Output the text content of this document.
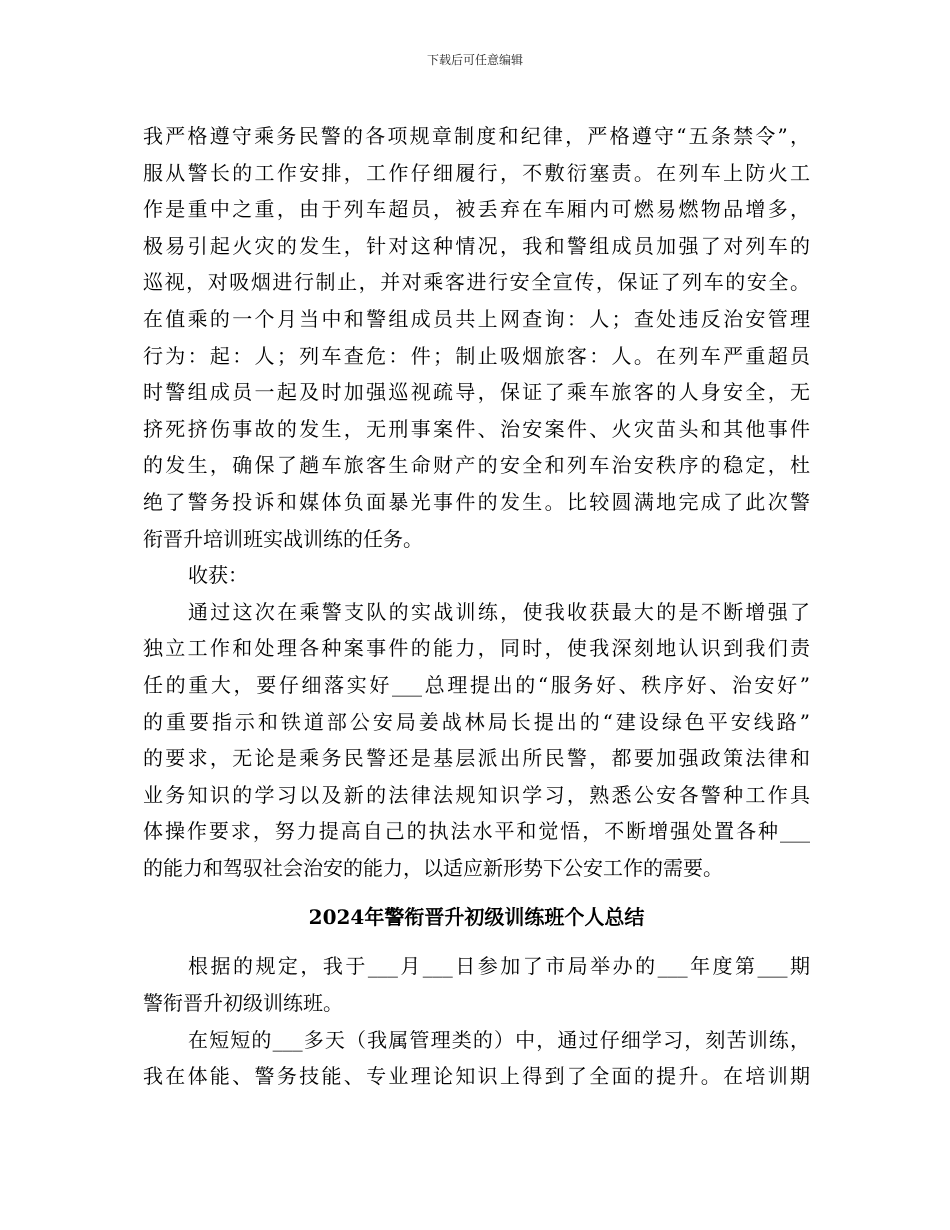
下载后可任意编辑
我严格遵守乘务民警的各项规章制度和纪律，严格遵守“五条禁令”，
服从警长的工作安排，工作仔细履行，不敷衍塞责。在列车上防火工
作是重中之重，由于列车超员，被丢弃在车厢内可燃易燃物品增多，
极易引起火灾的发生，针对这种情况，我和警组成员加强了对列车的
巡视，对吸烟进行制止，并对乘客进行安全宣传，保证了列车的安全。
在值乘的一个月当中和警组成员共上网查询：人；查处违反治安管理
行为：起：人；列车查危：件；制止吸烟旅客：人。在列车严重超员
时警组成员一起及时加强巡视疏导，保证了乘车旅客的人身安全，无
挤死挤伤事故的发生，无刑事案件、治安案件、火灾苗头和其他事件
的发生，确保了趟车旅客生命财产的安全和列车治安秩序的稳定，杜
绝了警务投诉和媒体负面暴光事件的发生。比较圆满地完成了此次警
衔晋升培训班实战训练的任务。
收获：
通过这次在乘警支队的实战训练，使我收获最大的是不断增强了
独立工作和处理各种案事件的能力，同时，使我深刻地认识到我们责
任的重大，要仔细落实好___总理提出的“服务好、秩序好、治安好”
的重要指示和铁道部公安局姜战林局长提出的“建设绿色平安线路”
的要求，无论是乘务民警还是基层派出所民警，都要加强政策法律和
业务知识的学习以及新的法律法规知识学习，熟悉公安各警种工作具
体操作要求，努力提高自己的执法水平和觉悟，不断增强处置各种___
的能力和驾驭社会治安的能力，以适应新形势下公安工作的需要。
2024年警衔晋升初级训练班个人总结
根据的规定，我于___月___日参加了市局举办的___年度第___期
警衔晋升初级训练班。
在短短的___多天（我属管理类的）中，通过仔细学习，刻苦训练，
我在体能、警务技能、专业理论知识上得到了全面的提升。在培训期
